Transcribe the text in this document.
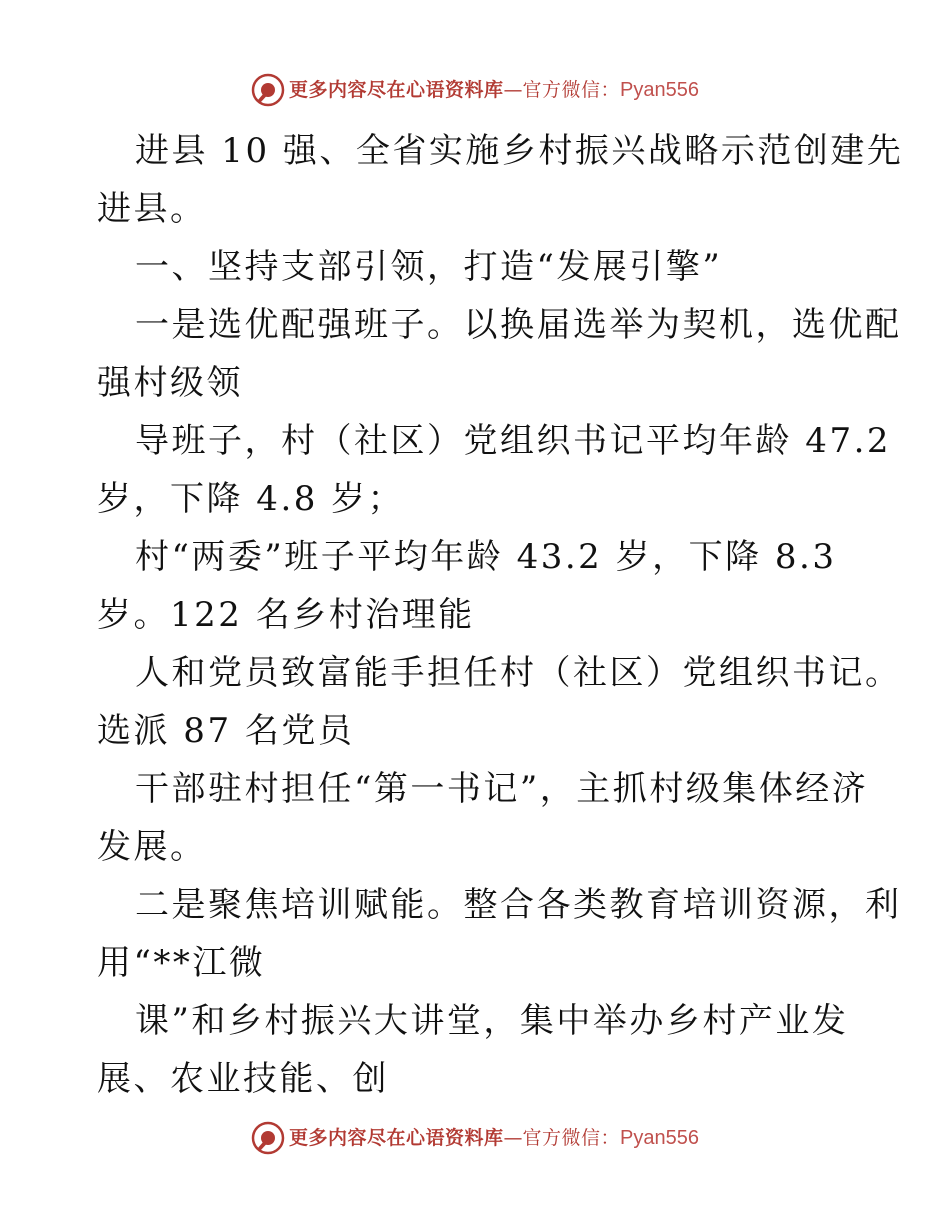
更多内容尽在心语资料库 — 官方微信： Pyan556

进县 10 强、全省实施乡村振兴战略示范创建先

进县。

一、坚持支部引领，打造“发展引擎”

一是选优配强班子。以换届选举为契机，选优配

强村级领

导班子，村（社区）党组织书记平均年龄 47.2

岁，下降 4.8 岁；

村“两委”班子平均年龄 43.2 岁，下降 8.3

岁。122 名乡村治理能

人和党员致富能手担任村（社区）党组织书记。

选派 87 名党员

干部驻村担任“第一书记”，主抓村级集体经济

发展。

二是聚焦培训赋能。整合各类教育培训资源，利

用“**江微

课”和乡村振兴大讲堂，集中举办乡村产业发

展、农业技能、创

更多内容尽在心语资料库 — 官方微信： Pyan556
